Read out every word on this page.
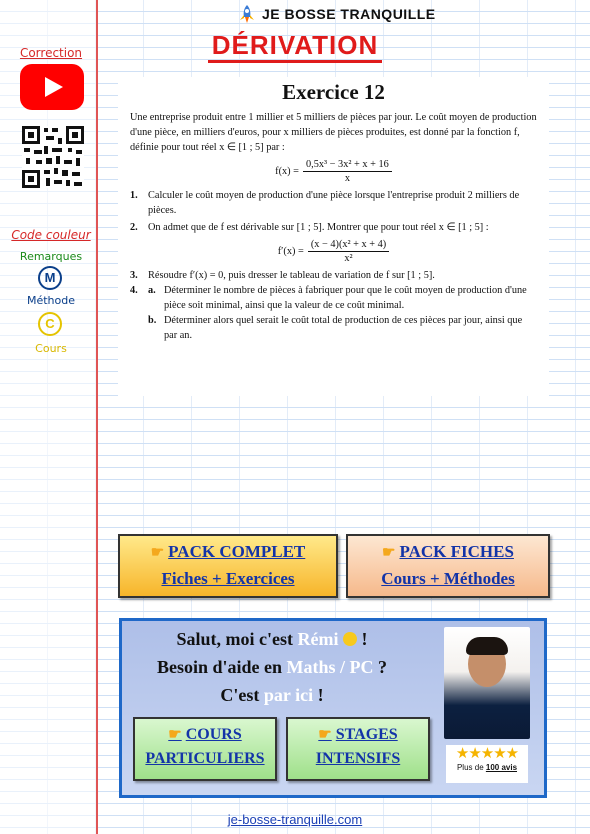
JE BOSSE TRANQUILLE
DÉRIVATION
Correction
Code couleur
Remarques
M
Méthode
C
Cours
Exercice 12

Une entreprise produit entre 1 millier et 5 milliers de pièces par jour. Le coût moyen de production d'une pièce, en milliers d'euros, pour x milliers de pièces produites, est donné par la fonction f, définie pour tout réel x ∈ [1 ; 5] par :

$f(x) = \frac{\text{0,5x³ − 3x² + x + 16}}{x}$
1. Calculer le coût moyen de production d'une pièce lorsque l'entreprise produit 2 milliers de pièces.
2. On admet que de f est dérivable sur [1 ; 5]. Montrer que pour tout réel x ∈ [1 ; 5] :
$f'(x) = \frac{\text{(x − 4)(x² + x + 4)}}{\text{x²}}$
3. Résoudre f′(x) = 0, puis dresser le tableau de variation de f sur [1 ; 5].
4. a. Déterminer le nombre de pièces à fabriquer pour que le coût moyen de production d'une pièce soit minimal, ainsi que la valeur de ce coût minimal.
b. Déterminer alors quel serait le coût total de production de ces pièces par jour, ainsi que par an.
☛ PACK COMPLET
Fiches + Exercices
☛ PACK FICHES
Cours + Méthodes
Salut, moi c'est Rémi  !
Besoin d'aide en Maths / PC ?
C'est par ici !
★★★★★
Plus de 100 avis
☛ COURS
PARTICULIERS
☛ STAGES
INTENSIFS
je-bosse-tranquille.com
